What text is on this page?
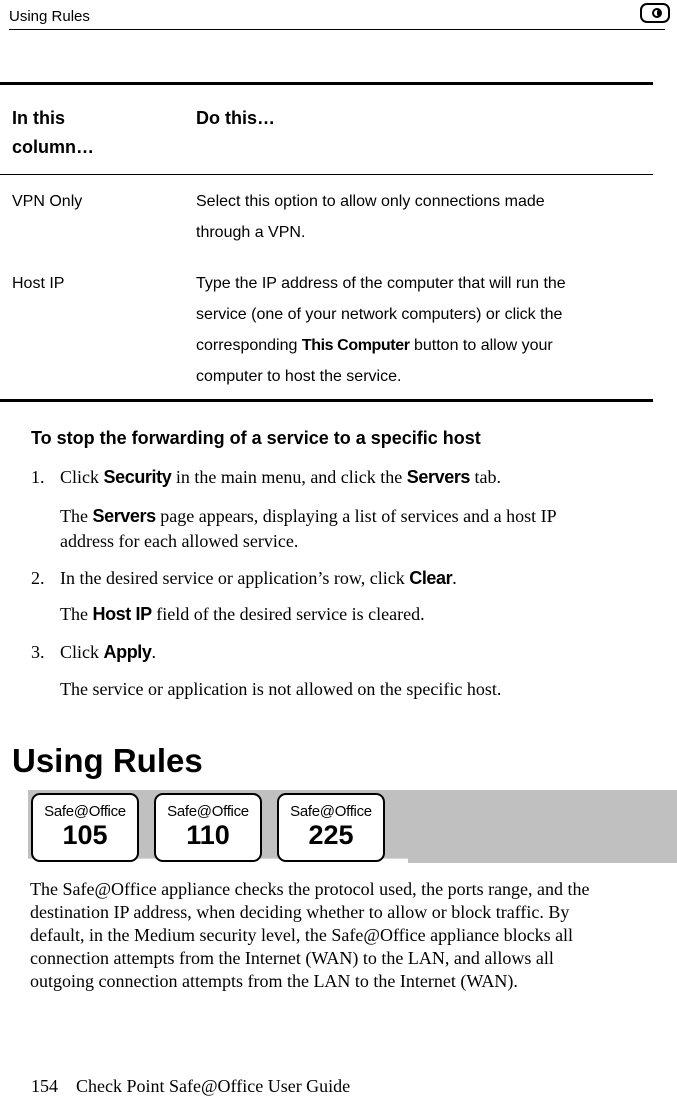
Using Rules
In this
column…
Do this…
VPN Only	Select this option to allow only connections made
through a VPN.
Host IP	Type the IP address of the computer that will run the
service (one of your network computers) or click the
corresponding This Computer button to allow your
computer to host the service.
To stop the forwarding of a service to a specific host
1. Click Security in the main menu, and click the Servers tab.
The Servers page appears, displaying a list of services and a host IP
address for each allowed service.
2. In the desired service or application’s row, click Clear.
The Host IP field of the desired service is cleared.
3. Click Apply.
The service or application is not allowed on the specific host.
Using Rules
Safe@Office
105
Safe@Office
110
Safe@Office
225
The Safe@Office appliance checks the protocol used, the ports range, and the
destination IP address, when deciding whether to allow or block traffic. By
default, in the Medium security level, the Safe@Office appliance blocks all
connection attempts from the Internet (WAN) to the LAN, and allows all
outgoing connection attempts from the LAN to the Internet (WAN).
154 Check Point Safe@Office User Guide
